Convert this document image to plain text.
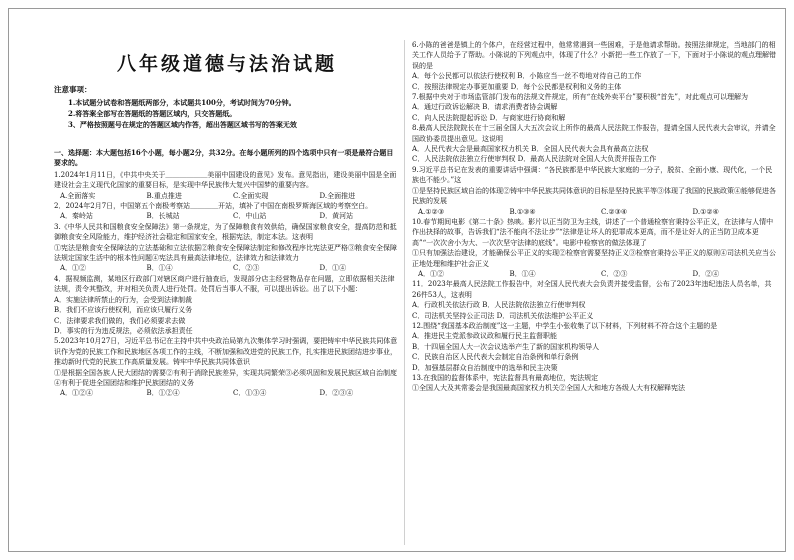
八年级道德与法治试题
注意事项：
1.本试题分试卷和答题纸两部分，本试题共100分，考试时间为70分钟。
2.将答案全部写在答题纸的答题区域内，只交答题纸。
3、严格按照题号在规定的答题区域内作答，超出答题区域书写的答案无效
一、选择题：本大题包括16个小题，每小题2分，共32分。在每小题所列的四个选项中只有一项是最符合题目要求的。
1.2024年1月11日，《中共中央关于＿＿＿＿＿＿美丽中国建设的意见》发布。意见指出，建设美丽中国是全面建设社会主义现代化国家的重要目标，是实现中华民族伟大复兴中国梦的重要内容。
A.全面落实	B.重点推进	C.全面实现	D.全面推进
2．2024年2月7日，中国第五个南极考察站＿＿＿＿开站，填补了中国在南极罗斯海区域的考察空白。
A．秦岭站	B．长城站	C．中山站	D．黄河站
3.《中华人民共和国粮食安全保障法》第一条规定，为了保障粮食有效供给，确保国家粮食安全，提高防范和抵御粮食安全风险能力，维护经济社会稳定和国家安全，根据宪法，制定本法。这表明
①宪法是粮食安全保障法的立法基础和立法依据②粮食安全保障法制定和修改程序比宪法更严格③粮食安全保障法规定国家生活中的根本性问题④宪法具有最高法律地位，法律效力和法律效力
A．①②	B．①④	C．②③	D．①④
4．据视频监测，某地区行政部门对辖区商户进行抽查后，发现部分店主经营物品存在问题，立即依据相关法律法规，责令其整改，并对相关负责人进行处罚。处罚后当事人不服，可以提出诉讼。出了以下小题：
A．实施法律所禁止的行为，会受到法律制裁
B．我们不应该行使权利，而应该只履行义务
C．法律要求我们做的，我们必须要求去做
D．事实的行为违反规法，必须依法承担责任
5.2023年10月27日，习近平总书记在主持中共中央政治局第九次集体学习时强调，要把铸牢中华民族共同体意识作为党的民族工作和民族地区各项工作的主线，不断加强和改进党的民族工作，扎实推进民族团结进步事业，推动新时代党的民族工作高质量发展。铸牢中华民族共同体意识
①是根据全国各族人民大团结的需要②有利于消除民族差异，实现共同繁荣③必须巩固和发展民族区域自治制度④有利于促进全国团结和维护民族团结的义务
A．①②④	B．①②④	C．①③④	D．②③④
6.小陈的爸爸是镇上的个体户，在经营过程中，他常常遇到一些困难，于是他请求帮助。按照法律规定，当地部门的相关工作人员给予了帮助。小陈说的下列观点中，体现了什么？小新把一些工作放了一下，下面对于小陈说的观点理解错误的是
A．每个公民都可以依法行使权利 B．小陈应当一丝不苟地对待自己的工作
C．按照法律规定办事更加重要 D．每个公民都是权利和义务的主体
7.根据中央对于市场监管部门发布的法规文件规定，所有“在线外卖平台”要积极“首先”，对此观点可以理解为
A．通过行政诉讼解决 B．请求消费者协会调解
C．向人民法院提起诉讼 D．与商家进行协商和解
8.最高人民法院院长在十三届全国人大五次会议上所作的最高人民法院工作报告，提请全国人民代表大会审议，并请全国政协委员提出意见。这说明
A．人民代表大会是最高国家权力机关 B．全国人民代表大会具有最高立法权
C．人民法院依法独立行使审判权 D．最高人民法院对全国人大负责并报告工作
9.习近平总书记在发表的重要讲话中强调：“各民族都是中华民族大家庭的一分子，脱贫、全面小康、现代化，一个民族也不能少。”这
①是坚持民族区域自治的体现②铸牢中华民族共同体意识的目标是坚持民族平等③体现了我国的民族政策④能够促进各民族的发展
A.①②③	B.①③④	C.②③④	D.①②④
10.春节期间电影《第二十条》热映。影片以正当防卫为主线，讲述了一个普通检察官秉持公平正义，在法律与人情中作出抉择的故事，告诉我们“法不能向不法让步”“法律是让坏人的犯罪成本更高，而不是让好人的正当防卫成本更高”“一次次舍小为大、一次次坚守法律的底线”。电影中检察官的做法体现了
①只有加强法治建设，才能确保公平正义的实现②检察官需要坚持正义③检察官秉持公平正义的原则④司法机关应当公正地处理和维护社会正义
A．①②	B．①④	C．②③	D．②④
11．2023年最高人民法院工作报告中，对全国人民代表大会负责并接受监督，公布了2023年违纪违法人员名单，共26件53人，这表明
A．行政机关依法行政 B．人民法院依法独立行使审判权
C．司法机关坚持公正司法 D．司法机关依法维护公平正义
12.围绕“我国基本政治制度”这一主题，中学生小张收集了以下材料，下列材料不符合这个主题的是
A．推进民主党派参政议政和履行民主监督职能
B．十四届全国人大一次会议选举产生了新的国家机构领导人
C．民族自治区人民代表大会制定自治条例和单行条例
D．加强基层群众自治制度中的选举和民主决策
13.在我国的监督体系中，宪法监督具有最高地位，宪法规定
①全国人大及其常委会是我国最高国家权力机关②全国人大和地方各级人大有权解释宪法
